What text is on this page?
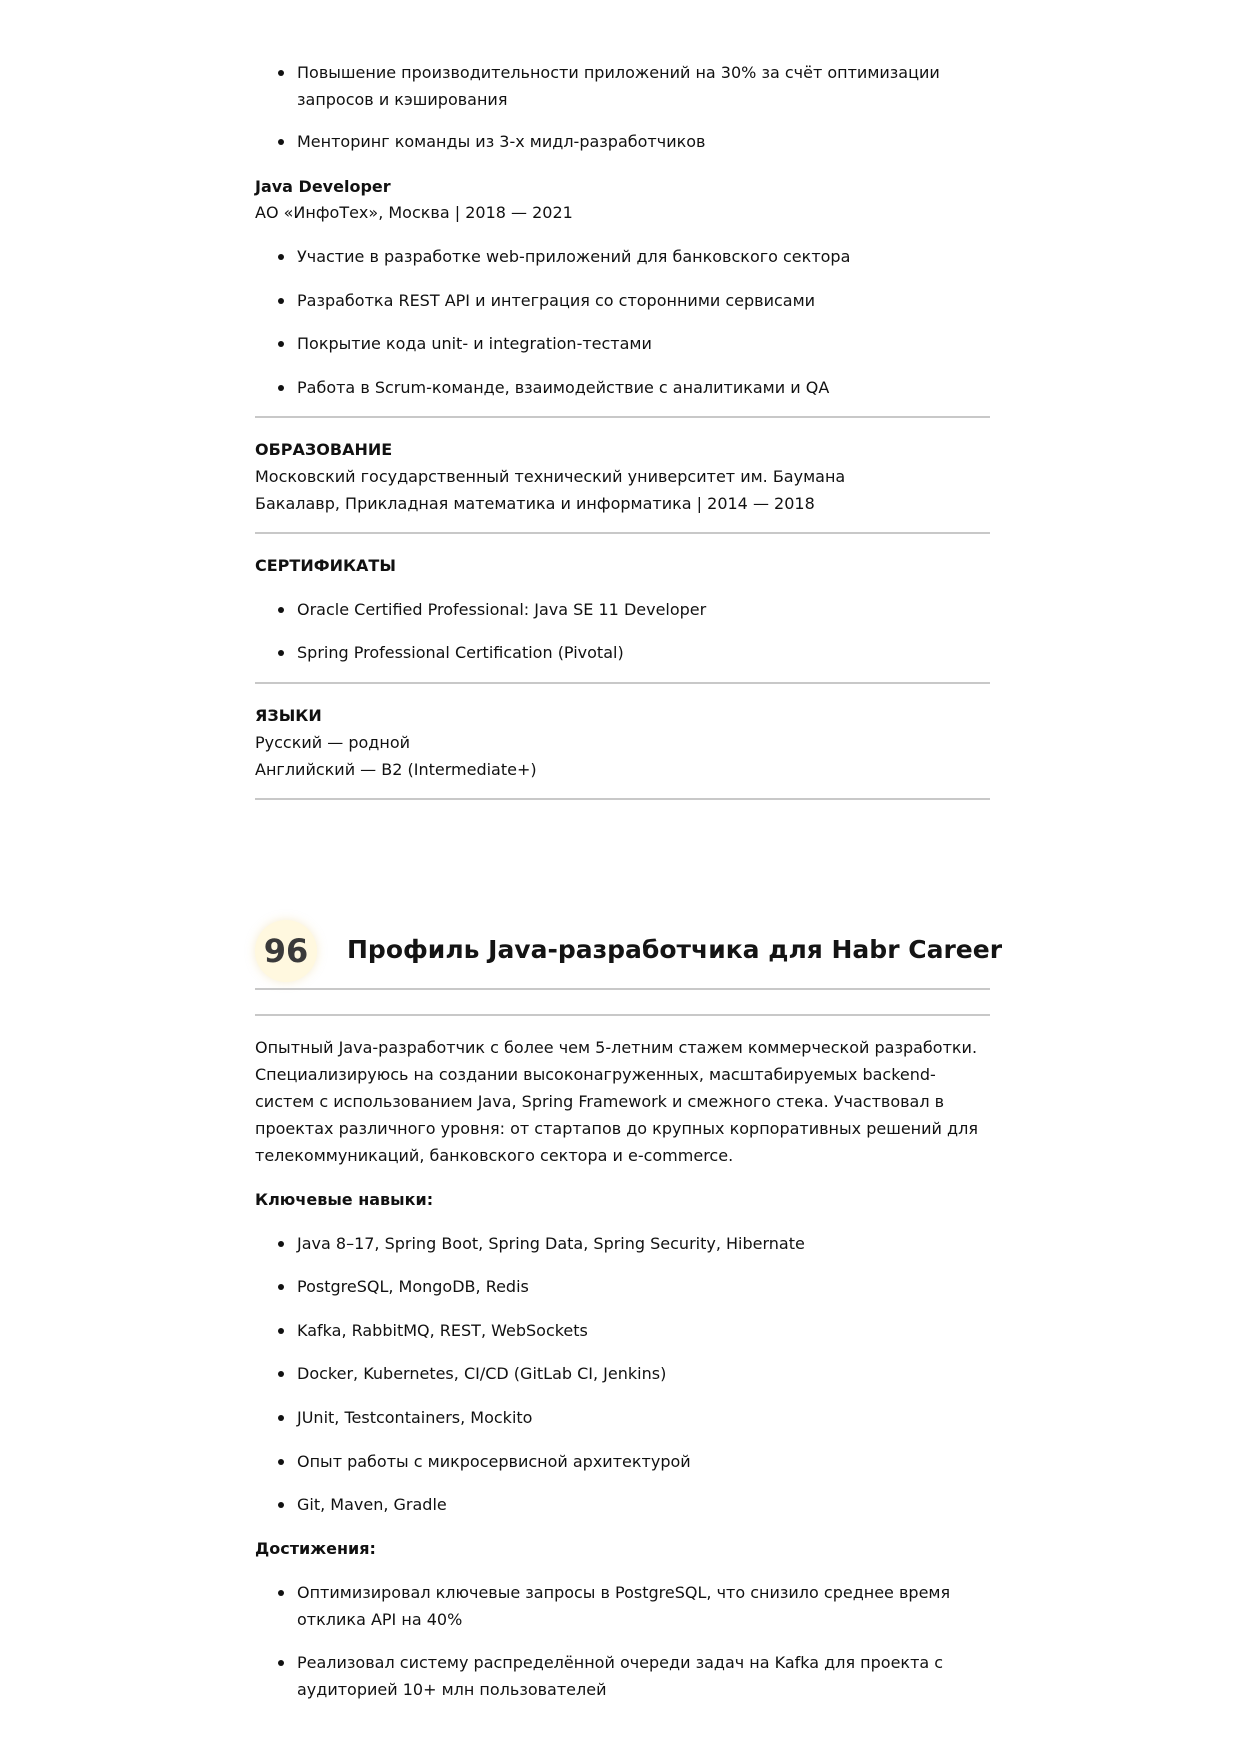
Повышение производительности приложений на 30% за счёт оптимизации запросов и кэширования
Менторинг команды из 3-х мидл-разработчиков
Java Developer
АО «ИнфоТех», Москва | 2018 — 2021
Участие в разработке web-приложений для банковского сектора
Разработка REST API и интеграция со сторонними сервисами
Покрытие кода unit- и integration-тестами
Работа в Scrum-команде, взаимодействие с аналитиками и QA
ОБРАЗОВАНИЕ
Московский государственный технический университет им. Баумана
Бакалавр, Прикладная математика и информатика | 2014 — 2018
СЕРТИФИКАТЫ
Oracle Certified Professional: Java SE 11 Developer
Spring Professional Certification (Pivotal)
ЯЗЫКИ
Русский — родной
Английский — B2 (Intermediate+)
96	Профиль Java-разработчика для Habr Career
Опытный Java-разработчик с более чем 5-летним стажем коммерческой разработки. Специализируюсь на создании высоконагруженных, масштабируемых backend-систем с использованием Java, Spring Framework и смежного стека. Участвовал в проектах различного уровня: от стартапов до крупных корпоративных решений для телекоммуникаций, банковского сектора и e-commerce.
Ключевые навыки:
Java 8–17, Spring Boot, Spring Data, Spring Security, Hibernate
PostgreSQL, MongoDB, Redis
Kafka, RabbitMQ, REST, WebSockets
Docker, Kubernetes, CI/CD (GitLab CI, Jenkins)
JUnit, Testcontainers, Mockito
Опыт работы с микросервисной архитектурой
Git, Maven, Gradle
Достижения:
Оптимизировал ключевые запросы в PostgreSQL, что снизило среднее время отклика API на 40%
Реализовал систему распределённой очереди задач на Kafka для проекта с аудиторией 10+ млн пользователей
